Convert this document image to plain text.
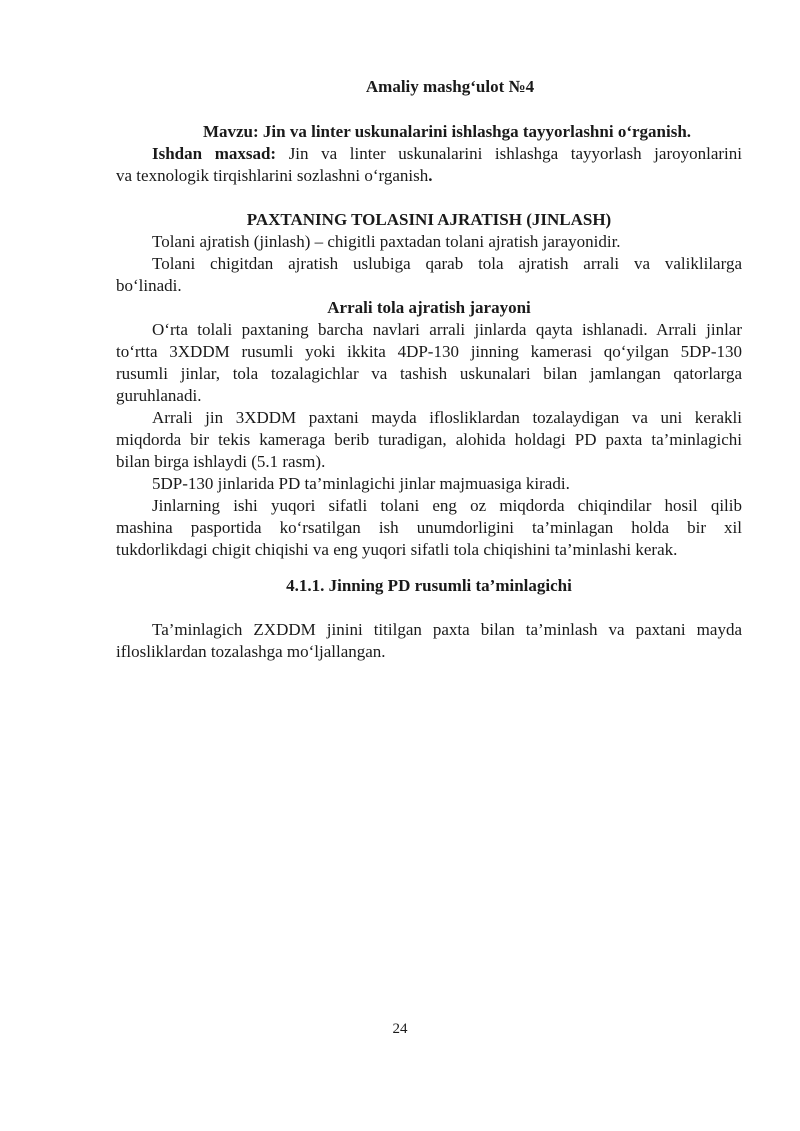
Amaliy mashg‘ulot №4
Mavzu: Jin va linter uskunalarini ishlashga tayyorlashni o‘rganish.
Ishdan maxsad: Jin va linter uskunalarini ishlashga tayyorlash jaroyonlarini
va texnologik tirqishlarini sozlashni o‘rganish.
PAXTANING TOLASINI AJRATISH (JINLASH)
Tolani ajratish (jinlash) – chigitli paxtadan tolani ajratish jarayonidir.
Tolani chigitdan ajratish uslubiga qarab tola ajratish arrali va valiklilarga
bo‘linadi.
Arrali tola ajratish jarayoni
O‘rta tolali paxtaning barcha navlari arrali jinlarda qayta ishlanadi. Arrali jinlar
to‘rtta 3XDDM rusumli yoki ikkita 4DP-130 jinning kamerasi qo‘yilgan 5DP-130
rusumli jinlar, tola tozalagichlar va tashish uskunalari bilan jamlangan qatorlarga
guruhlanadi.
Arrali jin 3XDDM paxtani mayda iflosliklardan tozalaydigan va uni kerakli
miqdorda bir tekis kameraga berib turadigan, alohida holdagi PD paxta ta’minlagichi
bilan birga ishlaydi (5.1 rasm).
5DP-130 jinlarida PD ta’minlagichi jinlar majmuasiga kiradi.
Jinlarning ishi yuqori sifatli tolani eng oz miqdorda chiqindilar hosil qilib
mashina pasportida ko‘rsatilgan ish unumdorligini ta’minlagan holda bir xil
tukdorlikdagi chigit chiqishi va eng yuqori sifatli tola chiqishini ta’minlashi kerak.
4.1.1. Jinning PD rusumli ta’minlagichi
Ta’minlagich ZXDDM jinini titilgan paxta bilan ta’minlash va paxtani mayda
iflosliklardan tozalashga mo‘ljallangan.
24
